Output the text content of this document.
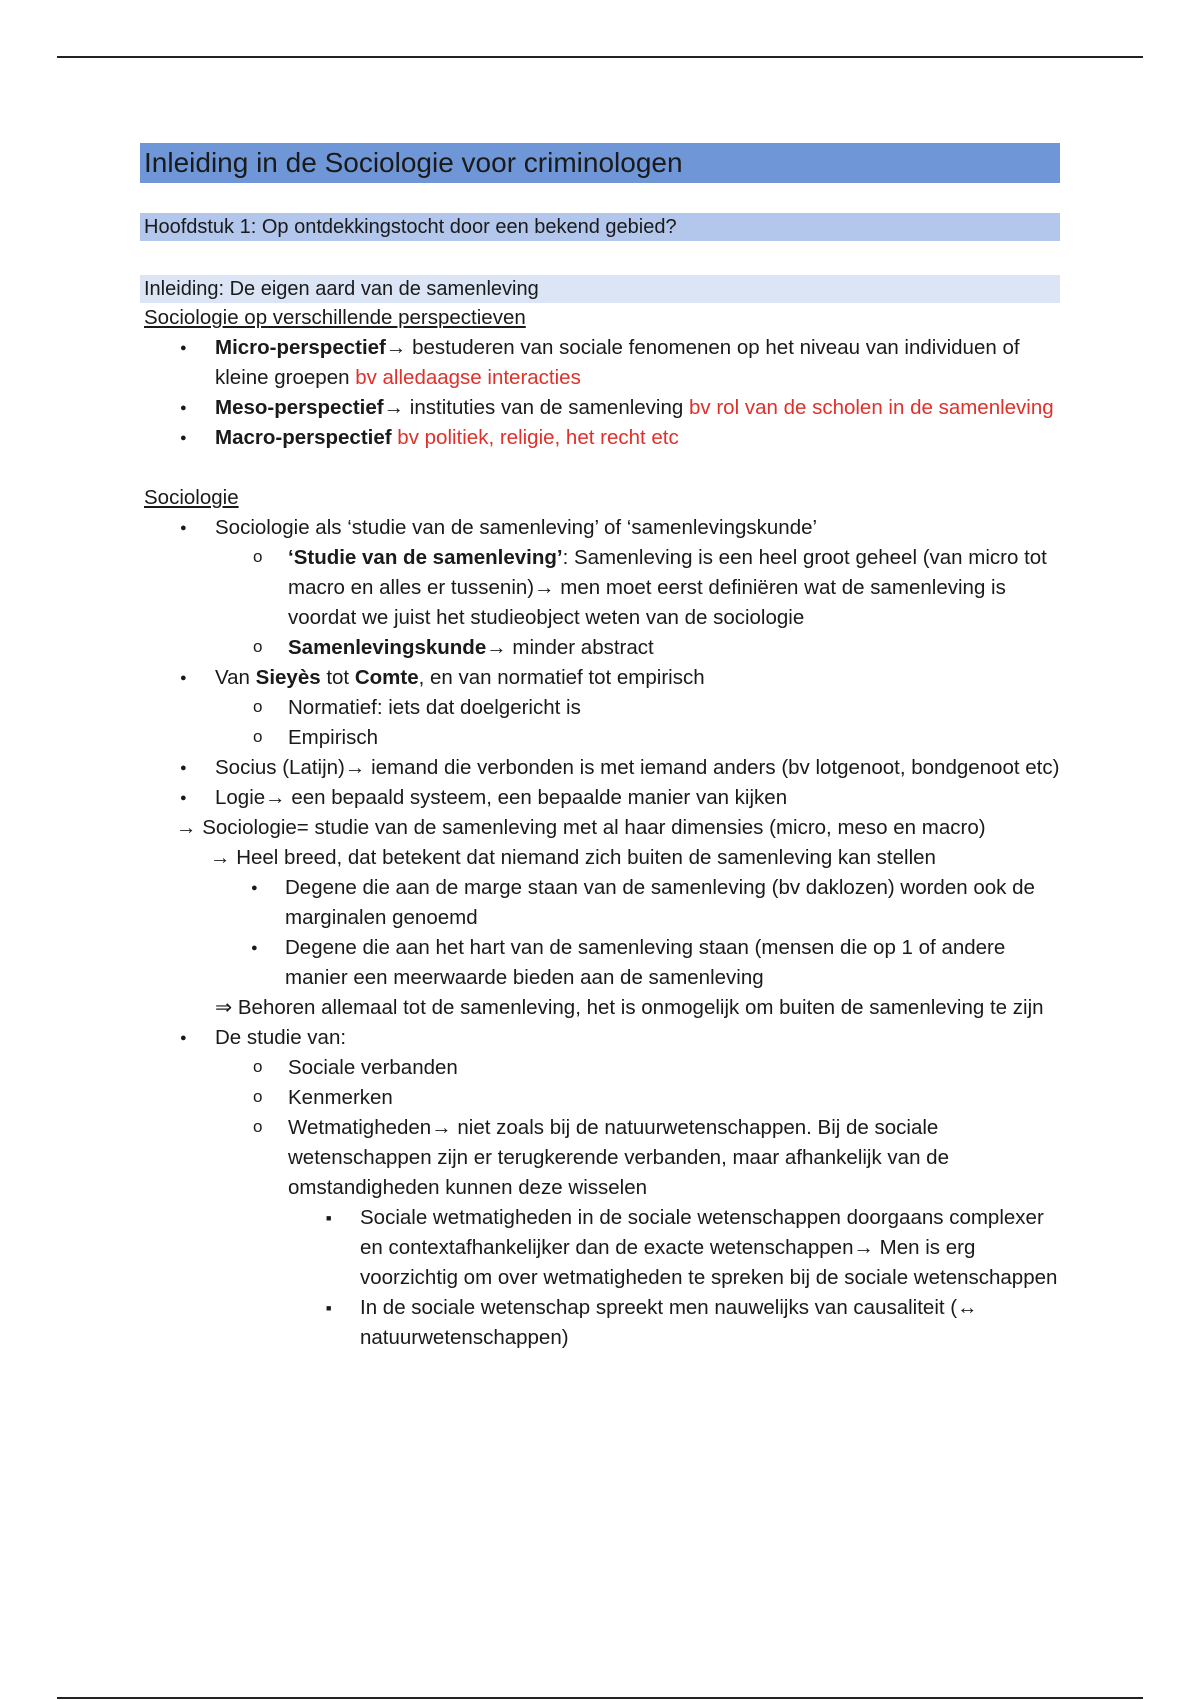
Inleiding in de Sociologie voor criminologen
Hoofdstuk 1: Op ontdekkingstocht door een bekend gebied?
Inleiding: De eigen aard van de samenleving
Sociologie op verschillende perspectieven
● Micro-perspectief→ bestuderen van sociale fenomenen op het niveau van individuen of kleine groepen bv alledaagse interacties
● Meso-perspectief→ instituties van de samenleving bv rol van de scholen in de samenleving
● Macro-perspectief bv politiek, religie, het recht etc
Sociologie
● Sociologie als ‘studie van de samenleving’ of ‘samenlevingskunde’
o ‘Studie van de samenleving’: Samenleving is een heel groot geheel (van micro tot macro en alles er tussenin)→ men moet eerst definiëren wat de samenleving is voordat we juist het studieobject weten van de sociologie
o Samenlevingskunde→ minder abstract
● Van Sieyès tot Comte, en van normatief tot empirisch
o Normatief: iets dat doelgericht is
o Empirisch
● Socius (Latijn)→ iemand die verbonden is met iemand anders (bv lotgenoot, bondgenoot etc)
● Logie→ een bepaald systeem, een bepaalde manier van kijken
→ Sociologie= studie van de samenleving met al haar dimensies (micro, meso en macro)
→ Heel breed, dat betekent dat niemand zich buiten de samenleving kan stellen
● Degene die aan de marge staan van de samenleving (bv daklozen) worden ook de marginalen genoemd
● Degene die aan het hart van de samenleving staan (mensen die op 1 of andere manier een meerwaarde bieden aan de samenleving
⇒ Behoren allemaal tot de samenleving, het is onmogelijk om buiten de samenleving te zijn
● De studie van:
o Sociale verbanden
o Kenmerken
o Wetmatigheden→ niet zoals bij de natuurwetenschappen. Bij de sociale wetenschappen zijn er terugkerende verbanden, maar afhankelijk van de omstandigheden kunnen deze wisselen
■ Sociale wetmatigheden in de sociale wetenschappen doorgaans complexer en contextafhankelijker dan de exacte wetenschappen→ Men is erg voorzichtig om over wetmatigheden te spreken bij de sociale wetenschappen
■ In de sociale wetenschap spreekt men nauwelijks van causaliteit (↔ natuurwetenschappen)
